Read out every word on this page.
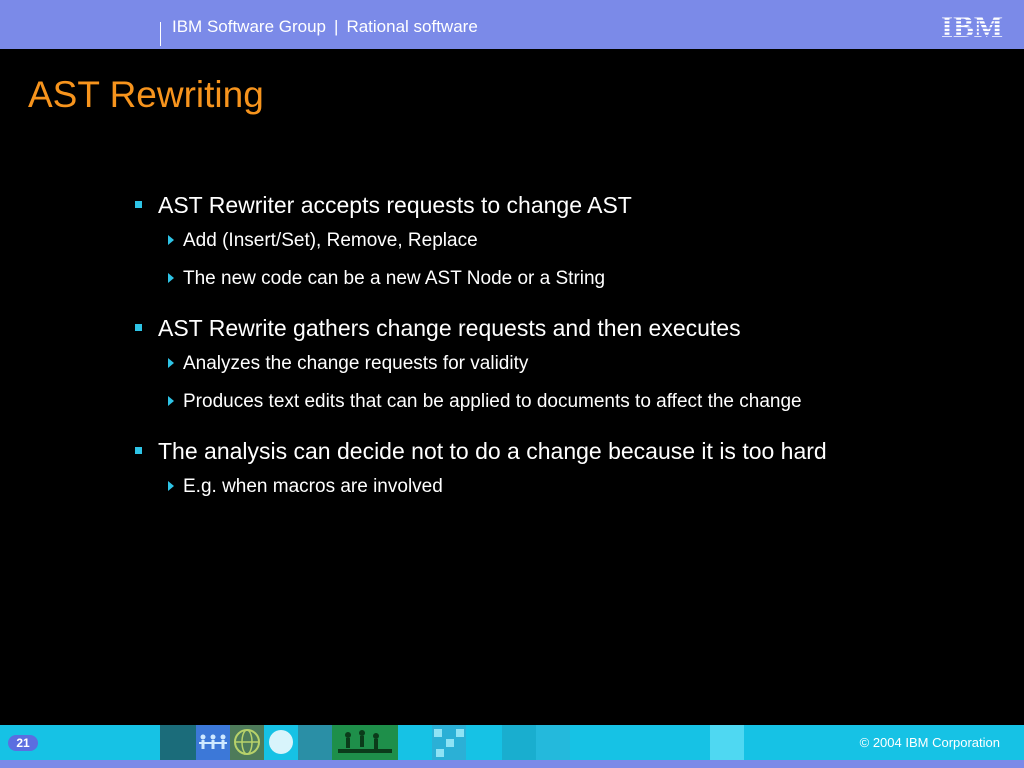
IBM Software Group | Rational software	IBM
AST Rewriting
AST Rewriter accepts requests to change AST
Add (Insert/Set), Remove, Replace
The new code can be a new AST Node or a String
AST Rewrite gathers change requests and then executes
Analyzes the change requests for validity
Produces text edits that can be applied to documents to affect the change
The analysis can decide not to do a change because it is too hard
E.g. when macros are involved
21	© 2004 IBM Corporation
